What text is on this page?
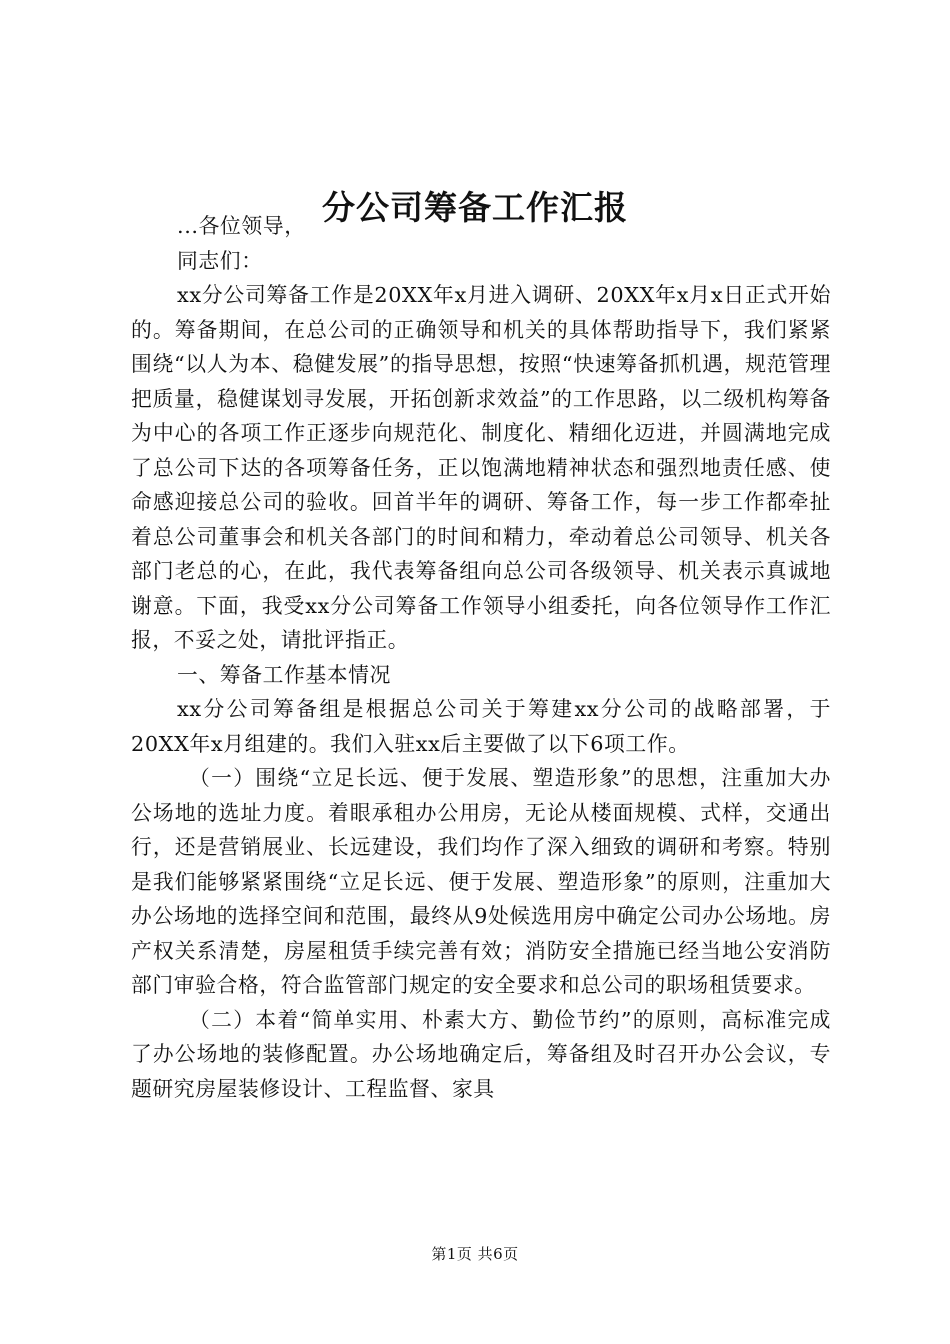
分公司筹备工作汇报

...各位领导，

同志们：

xx分公司筹备工作是20XX年x月进入调研、20XX年x月x日正式开始的。筹备期间，在总公司的正确领导和机关的具体帮助指导下，我们紧紧围绕“以人为本、稳健发展”的指导思想，按照“快速筹备抓机遇，规范管理把质量，稳健谋划寻发展，开拓创新求效益”的工作思路，以二级机构筹备为中心的各项工作正逐步向规范化、制度化、精细化迈进，并圆满地完成了总公司下达的各项筹备任务，正以饱满地精神状态和强烈地责任感、使命感迎接总公司的验收。回首半年的调研、筹备工作，每一步工作都牵扯着总公司董事会和机关各部门的时间和精力，牵动着总公司领导、机关各部门老总的心，在此，我代表筹备组向总公司各级领导、机关表示真诚地谢意。下面，我受xx分公司筹备工作领导小组委托，向各位领导作工作汇报，不妥之处，请批评指正。

一、筹备工作基本情况

xx分公司筹备组是根据总公司关于筹建xx分公司的战略部署，于20XX年x月组建的。我们入驻xx后主要做了以下6项工作。

（一）围绕“立足长远、便于发展、塑造形象”的思想，注重加大办公场地的选址力度。着眼承租办公用房，无论从楼面规模、式样，交通出行，还是营销展业、长远建设，我们均作了深入细致的调研和考察。特别是我们能够紧紧围绕“立足长远、便于发展、塑造形象”的原则，注重加大办公场地的选择空间和范围，最终从9处候选用房中确定公司办公场地。房产权关系清楚，房屋租赁手续完善有效；消防安全措施已经当地公安消防部门审验合格，符合监管部门规定的安全要求和总公司的职场租赁要求。

（二）本着“简单实用、朴素大方、勤俭节约”的原则，高标准完成了办公场地的装修配置。办公场地确定后，筹备组及时召开办公会议，专题研究房屋装修设计、工程监督、家具

第1页 共6页
